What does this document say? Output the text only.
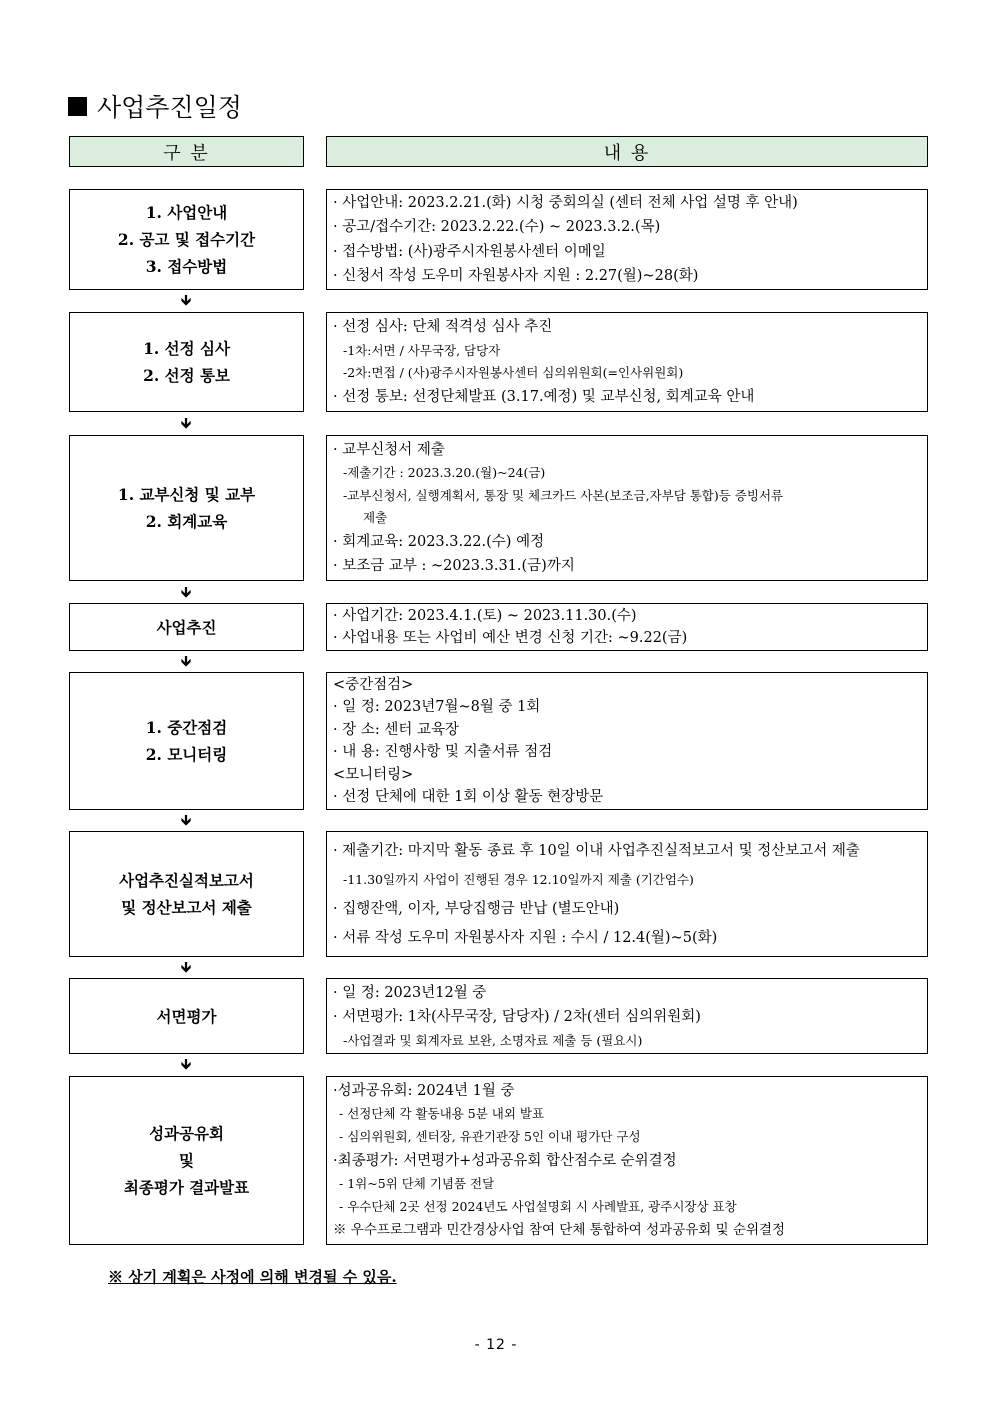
사업추진일정
구 분	내 용
1. 사업안내
2. 공고 및 접수기간
3. 접수방법
· 사업안내: 2023.2.21.(화) 시청 중회의실 (센터 전체 사업 설명 후 안내)
· 공고/접수기간: 2023.2.22.(수) ~ 2023.3.2.(목)
· 접수방법: (사)광주시자원봉사센터 이메일
· 신청서 작성 도우미 자원봉사자 지원 : 2.27(월)~28(화)
🡻
1. 선정 심사
2. 선정 통보
· 선정 심사: 단체 적격성 심사 추진
-1차:서면 / 사무국장, 담당자
-2차:면접 / (사)광주시자원봉사센터 심의위원회(=인사위원회)
· 선정 통보: 선정단체발표 (3.17.예정) 및 교부신청, 회계교육 안내
🡻
1. 교부신청 및 교부
2. 회계교육
· 교부신청서 제출
-제출기간 : 2023.3.20.(월)~24(금)
-교부신청서, 실행계획서, 통장 및 체크카드 사본(보조금,자부담 통합)등 증빙서류
제출
· 회계교육: 2023.3.22.(수) 예정
· 보조금 교부 : ~2023.3.31.(금)까지
🡻
사업추진
· 사업기간: 2023.4.1.(토) ~ 2023.11.30.(수)
· 사업내용 또는 사업비 예산 변경 신청 기간: ~9.22(금)
🡻
1. 중간점검
2. 모니터링
<중간점검>
· 일 정: 2023년7월~8월 중 1회
· 장 소: 센터 교육장
· 내 용: 진행사항 및 지출서류 점검
<모니터링>
· 선정 단체에 대한 1회 이상 활동 현장방문
🡻
사업추진실적보고서
및 정산보고서 제출
· 제출기간: 마지막 활동 종료 후 10일 이내 사업추진실적보고서 및 정산보고서 제출
-11.30일까지 사업이 진행된 경우 12.10일까지 제출 (기간엄수)
· 집행잔액, 이자, 부당집행금 반납 (별도안내)
· 서류 작성 도우미 자원봉사자 지원 : 수시 / 12.4(월)~5(화)
🡻
서면평가
· 일 정: 2023년12월 중
· 서면평가: 1차(사무국장, 담당자) / 2차(센터 심의위원회)
-사업결과 및 회계자료 보완, 소명자료 제출 등 (필요시)
🡻
성과공유회
및
최종평가 결과발표
·성과공유회: 2024년 1월 중
- 선정단체 각 활동내용 5분 내외 발표
- 심의위원회, 센터장, 유관기관장 5인 이내 평가단 구성
·최종평가: 서면평가+성과공유회 합산점수로 순위결정
- 1위~5위 단체 기념품 전달
- 우수단체 2곳 선정 2024년도 사업설명회 시 사례발표, 광주시장상 표창
※ 우수프로그램과 민간경상사업 참여 단체 통합하여 성과공유회 및 순위결정
※ 상기 계획은 사정에 의해 변경될 수 있음.
- 12 -
